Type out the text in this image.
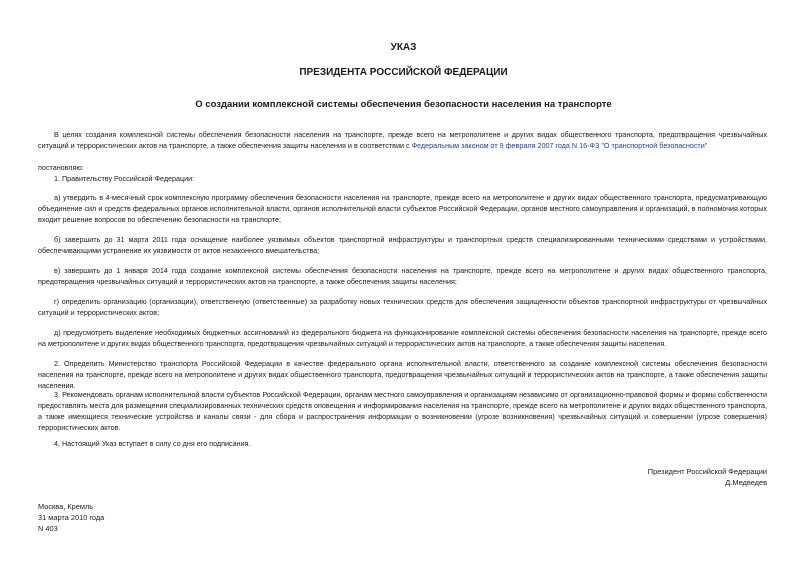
УКАЗ
ПРЕЗИДЕНТА РОССИЙСКОЙ ФЕДЕРАЦИИ
О создании комплексной системы обеспечения безопасности населения на транспорте

В целях создания комплексной системы обеспечения безопасности населения на транспорте, прежде всего на метрополитене и других видах общественного транспорта, предотвращения чрезвычайных ситуаций и террористических актов на транспорте, а также обеспечения защиты населения и в соответствии с Федеральным законом от 9 февраля 2007 года N 16-ФЗ "О транспортной безопасности"

постановляю:

1. Правительству Российской Федерации:

а) утвердить в 4-месячный срок комплексную программу обеспечения безопасности населения на транспорте, прежде всего на метрополитене и других видах общественного транспорта, предусматривающую объединение сил и средств федеральных органов исполнительной власти, органов исполнительной власти субъектов Российской Федерации, органов местного самоуправления и организаций, в полномочия которых входит решение вопросов по обеспечению безопасности на транспорте;

б) завершить до 31 марта 2011 года оснащение наиболее уязвимых объектов транспортной инфраструктуры и транспортных средств специализированными техническими средствами и устройствами, обеспечивающими устранение их уязвимости от актов незаконного вмешательства;

в) завершить до 1 января 2014 года создание комплексной системы обеспечения безопасности населения на транспорте, прежде всего на метрополитене и других видах общественного транспорта, предотвращения чрезвычайных ситуаций и террористических актов на транспорте, а также обеспечения защиты населения;

г) определить организацию (организации), ответственную (ответственные) за разработку новых технических средств для обеспечения защищенности объектов транспортной инфраструктуры от чрезвычайных ситуаций и террористических актов;

д) предусмотреть выделение необходимых бюджетных ассигнований из федерального бюджета на функционирование комплексной системы обеспечения безопасности населения на транспорте, прежде всего на метрополитене и других видах общественного транспорта, предотвращения чрезвычайных ситуаций и террористических актов на транспорте, а также обеспечения защиты населения.

2. Определить Министерство транспорта Российской Федерации в качестве федерального органа исполнительной власти, ответственного за создание комплексной системы обеспечения безопасности населения на транспорте, прежде всего на метрополитене и других видах общественного транспорта, предотвращения чрезвычайных ситуаций и террористических актов на транспорте, а также обеспечения защиты населения.

3. Рекомендовать органам исполнительной власти субъектов Российской Федерации, органам местного самоуправления и организациям независимо от организационно-правовой формы и формы собственности предоставлять места для размещения специализированных технических средств оповещения и информирования населения на транспорте, прежде всего на метрополитене и других видах общественного транспорта, а также имеющиеся технические устройства и каналы связи - для сбора и распространения информации о возникновении (угрозе возникновения) чрезвычайных ситуаций и совершении (угрозе совершения) террористических актов.

4. Настоящий Указ вступает в силу со дня его подписания.

Президент Российской Федерации
Д.Медведев
Москва, Кремль
31 марта 2010 года
N 403
